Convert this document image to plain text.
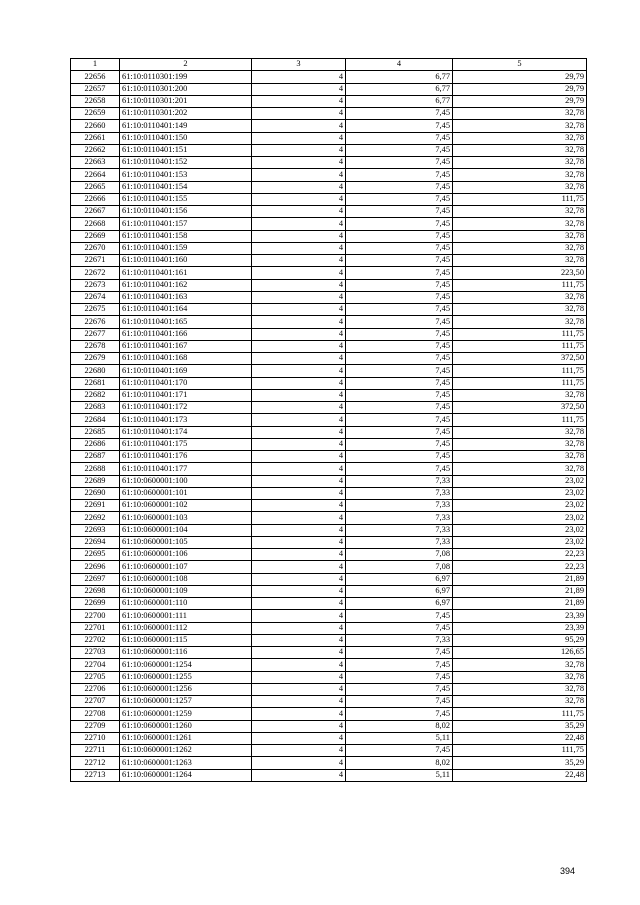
1	2	3	4	5
22656	61:10:0110301:199	4	6,77	29,79
22657	61:10:0110301:200	4	6,77	29,79
22658	61:10:0110301:201	4	6,77	29,79
22659	61:10:0110301:202	4	7,45	32,78
22660	61:10:0110401:149	4	7,45	32,78
22661	61:10:0110401:150	4	7,45	32,78
22662	61:10:0110401:151	4	7,45	32,78
22663	61:10:0110401:152	4	7,45	32,78
22664	61:10:0110401:153	4	7,45	32,78
22665	61:10:0110401:154	4	7,45	32,78
22666	61:10:0110401:155	4	7,45	111,75
22667	61:10:0110401:156	4	7,45	32,78
22668	61:10:0110401:157	4	7,45	32,78
22669	61:10:0110401:158	4	7,45	32,78
22670	61:10:0110401:159	4	7,45	32,78
22671	61:10:0110401:160	4	7,45	32,78
22672	61:10:0110401:161	4	7,45	223,50
22673	61:10:0110401:162	4	7,45	111,75
22674	61:10:0110401:163	4	7,45	32,78
22675	61:10:0110401:164	4	7,45	32,78
22676	61:10:0110401:165	4	7,45	32,78
22677	61:10:0110401:166	4	7,45	111,75
22678	61:10:0110401:167	4	7,45	111,75
22679	61:10:0110401:168	4	7,45	372,50
22680	61:10:0110401:169	4	7,45	111,75
22681	61:10:0110401:170	4	7,45	111,75
22682	61:10:0110401:171	4	7,45	32,78
22683	61:10:0110401:172	4	7,45	372,50
22684	61:10:0110401:173	4	7,45	111,75
22685	61:10:0110401:174	4	7,45	32,78
22686	61:10:0110401:175	4	7,45	32,78
22687	61:10:0110401:176	4	7,45	32,78
22688	61:10:0110401:177	4	7,45	32,78
22689	61:10:0600001:100	4	7,33	23,02
22690	61:10:0600001:101	4	7,33	23,02
22691	61:10:0600001:102	4	7,33	23,02
22692	61:10:0600001:103	4	7,33	23,02
22693	61:10:0600001:104	4	7,33	23,02
22694	61:10:0600001:105	4	7,33	23,02
22695	61:10:0600001:106	4	7,08	22,23
22696	61:10:0600001:107	4	7,08	22,23
22697	61:10:0600001:108	4	6,97	21,89
22698	61:10:0600001:109	4	6,97	21,89
22699	61:10:0600001:110	4	6,97	21,89
22700	61:10:0600001:111	4	7,45	23,39
22701	61:10:0600001:112	4	7,45	23,39
22702	61:10:0600001:115	4	7,33	95,29
22703	61:10:0600001:116	4	7,45	126,65
22704	61:10:0600001:1254	4	7,45	32,78
22705	61:10:0600001:1255	4	7,45	32,78
22706	61:10:0600001:1256	4	7,45	32,78
22707	61:10:0600001:1257	4	7,45	32,78
22708	61:10:0600001:1259	4	7,45	111,75
22709	61:10:0600001:1260	4	8,02	35,29
22710	61:10:0600001:1261	4	5,11	22,48
22711	61:10:0600001:1262	4	7,45	111,75
22712	61:10:0600001:1263	4	8,02	35,29
22713	61:10:0600001:1264	4	5,11	22,48
394
